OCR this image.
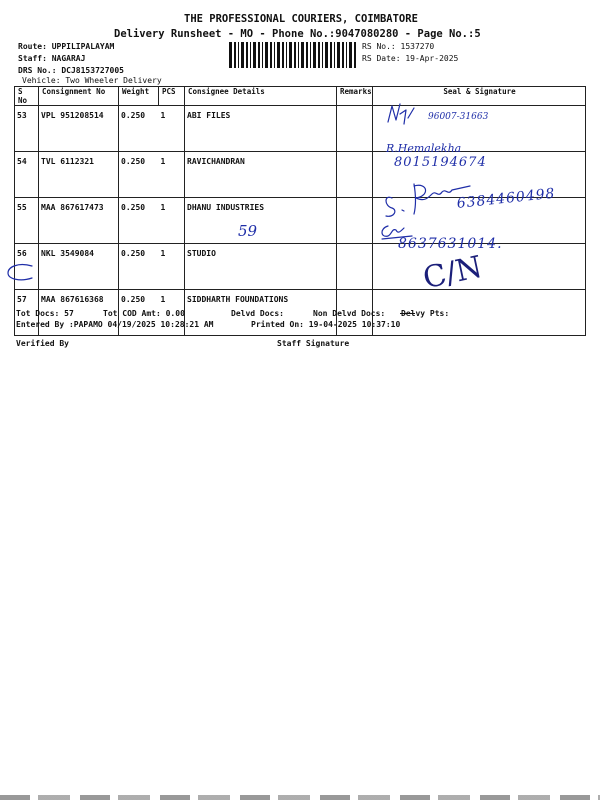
THE PROFESSIONAL COURIERS, COIMBATORE
Delivery Runsheet - MO - Phone No.:9047080280 - Page No.:5
Route: UPPILIPALAYAM
Staff: NAGARAJ
DRS No.: DCJ8153727005
Vehicle: Two Wheeler Delivery
RS No.: 1537270
RS Date: 19-Apr-2025
S No	Consignment No	Weight	PCS	Consignee Details	Remarks	Seal & Signature
53	VPL 951208514	0.250	1	ABI FILES		
54	TVL 6112321	0.250	1	RAVICHANDRAN		
55	MAA 867617473	0.250	1	DHANU INDUSTRIES		
56	NKL 3549084	0.250	1	STUDIO		
57	MAA 867616368	0.250	1	SIDDHARTH FOUNDATIONS		
96007-31663
R.Hemalekha
8015194674
6384460498
59
8637631014.
C/N
Tot Docs: 57	Tot COD Amt: 0.00	Delvd Docs:	Non Delvd Docs: Delvy Pts:
Entered By :PAPAMO 04/19/2025 10:28:21 AM	Printed On: 19-04-2025 10:37:10
Verified By	Staff Signature
